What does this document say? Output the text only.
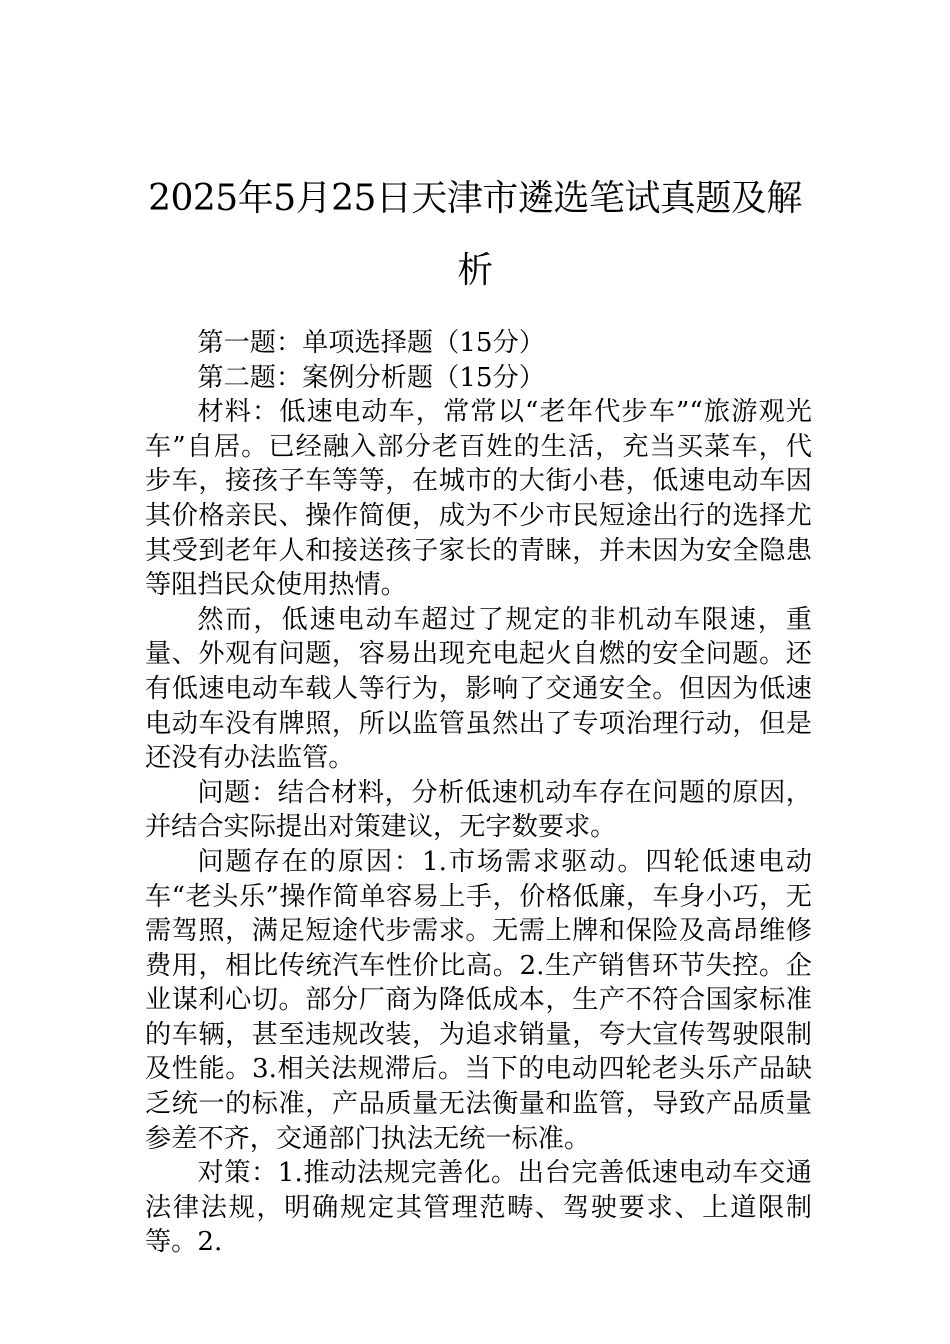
2025年5月25日天津市遴选笔试真题及解析

第一题：单项选择题（15分）

第二题：案例分析题（15分）

材料：低速电动车，常常以“老年代步车”“旅游观光车”自居。已经融入部分老百姓的生活，充当买菜车，代步车，接孩子车等等，在城市的大街小巷，低速电动车因其价格亲民、操作简便，成为不少市民短途出行的选择尤其受到老年人和接送孩子家长的青睐，并未因为安全隐患等阻挡民众使用热情。

然而，低速电动车超过了规定的非机动车限速，重量、外观有问题，容易出现充电起火自燃的安全问题。还有低速电动车载人等行为，影响了交通安全。但因为低速电动车没有牌照，所以监管虽然出了专项治理行动，但是还没有办法监管。

问题：结合材料，分析低速机动车存在问题的原因，并结合实际提出对策建议，无字数要求。

问题存在的原因：1.市场需求驱动。四轮低速电动车“老头乐”操作简单容易上手，价格低廉，车身小巧，无需驾照，满足短途代步需求。无需上牌和保险及高昂维修费用，相比传统汽车性价比高。2.生产销售环节失控。企业谋利心切。部分厂商为降低成本，生产不符合国家标准的车辆，甚至违规改装，为追求销量，夸大宣传驾驶限制及性能。3.相关法规滞后。当下的电动四轮老头乐产品缺乏统一的标准，产品质量无法衡量和监管，导致产品质量参差不齐，交通部门执法无统一标准。

对策：1.推动法规完善化。出台完善低速电动车交通法律法规，明确规定其管理范畴、驾驶要求、上道限制等。2.
